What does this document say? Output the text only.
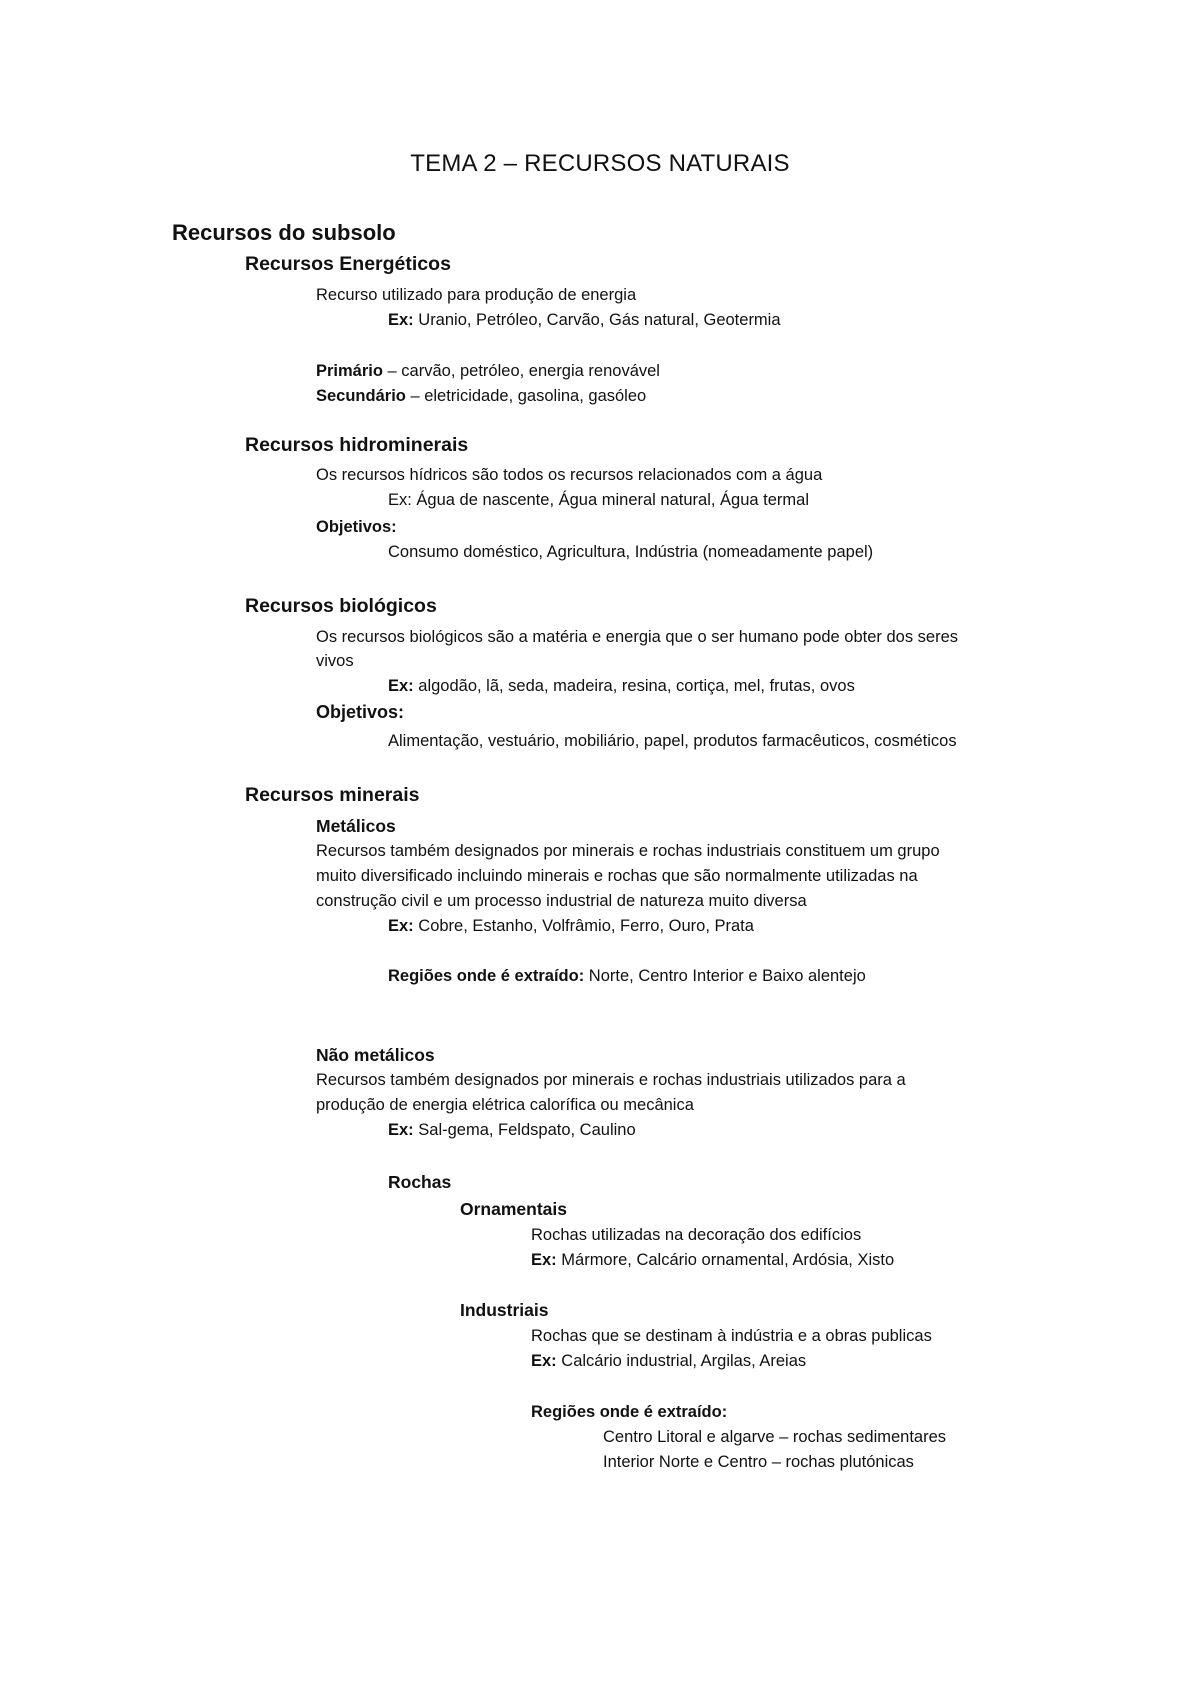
TEMA 2 – RECURSOS NATURAIS
Recursos do subsolo
Recursos Energéticos
Recurso utilizado para produção de energia
Ex: Uranio, Petróleo, Carvão, Gás natural, Geotermia
Primário – carvão, petróleo, energia renovável
Secundário – eletricidade, gasolina, gasóleo
Recursos hidrominerais
Os recursos hídricos são todos os recursos relacionados com a água
Ex: Água de nascente, Água mineral natural, Água termal
Objetivos:
Consumo doméstico, Agricultura, Indústria (nomeadamente papel)
Recursos biológicos
Os recursos biológicos são a matéria e energia que o ser humano pode obter dos seres
vivos
Ex: algodão, lã, seda, madeira, resina, cortiça, mel, frutas, ovos
Objetivos:
Alimentação, vestuário, mobiliário, papel, produtos farmacêuticos, cosméticos
Recursos minerais
Metálicos
Recursos também designados por minerais e rochas industriais constituem um grupo
muito diversificado incluindo minerais e rochas que são normalmente utilizadas na
construção civil e um processo industrial de natureza muito diversa
Ex: Cobre, Estanho, Volfrâmio, Ferro, Ouro, Prata
Regiões onde é extraído: Norte, Centro Interior e Baixo alentejo
Não metálicos
Recursos também designados por minerais e rochas industriais utilizados para a
produção de energia elétrica calorífica ou mecânica
Ex: Sal-gema, Feldspato, Caulino
Rochas
Ornamentais
Rochas utilizadas na decoração dos edifícios
Ex: Mármore, Calcário ornamental, Ardósia, Xisto
Industriais
Rochas que se destinam à indústria e a obras publicas
Ex: Calcário industrial, Argilas, Areias
Regiões onde é extraído:
Centro Litoral e algarve – rochas sedimentares
Interior Norte e Centro – rochas plutónicas
